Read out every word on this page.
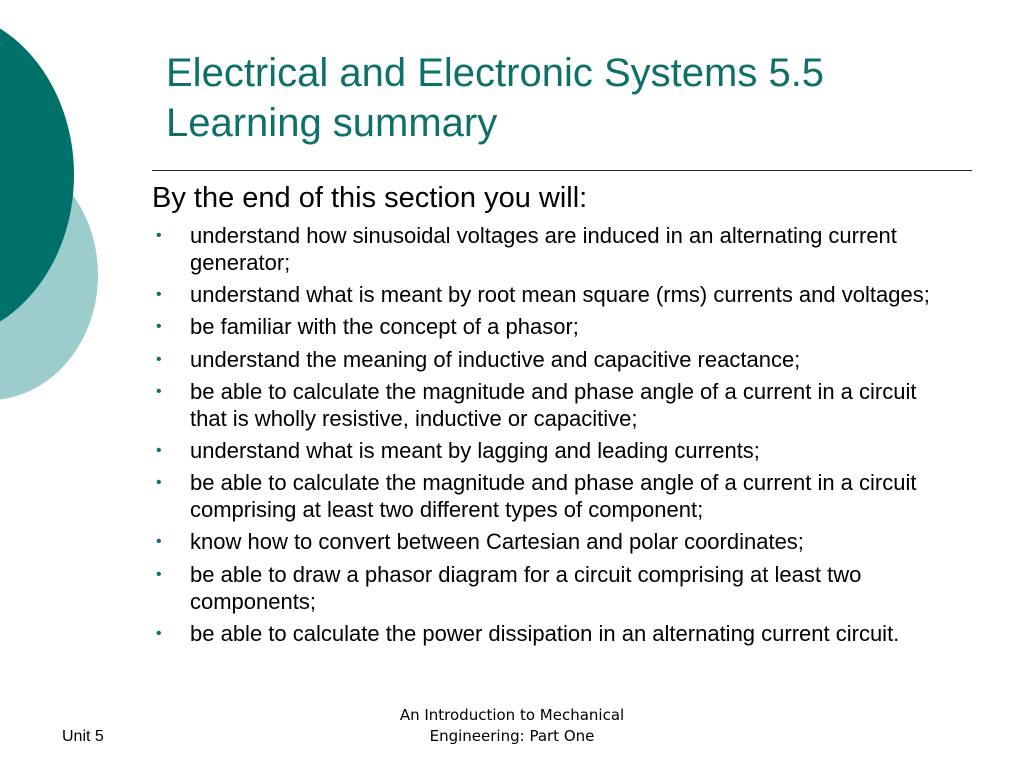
Electrical and Electronic Systems 5.5
Learning summary

By the end of this section you will:

• understand how sinusoidal voltages are induced in an alternating current generator;
• understand what is meant by root mean square (rms) currents and voltages;
• be familiar with the concept of a phasor;
• understand the meaning of inductive and capacitive reactance;
• be able to calculate the magnitude and phase angle of a current in a circuit that is wholly resistive, inductive or capacitive;
• understand what is meant by lagging and leading currents;
• be able to calculate the magnitude and phase angle of a current in a circuit comprising at least two different types of component;
• know how to convert between Cartesian and polar coordinates;
• be able to draw a phasor diagram for a circuit comprising at least two components;
• be able to calculate the power dissipation in an alternating current circuit.
Unit 5
An Introduction to Mechanical
Engineering: Part One
